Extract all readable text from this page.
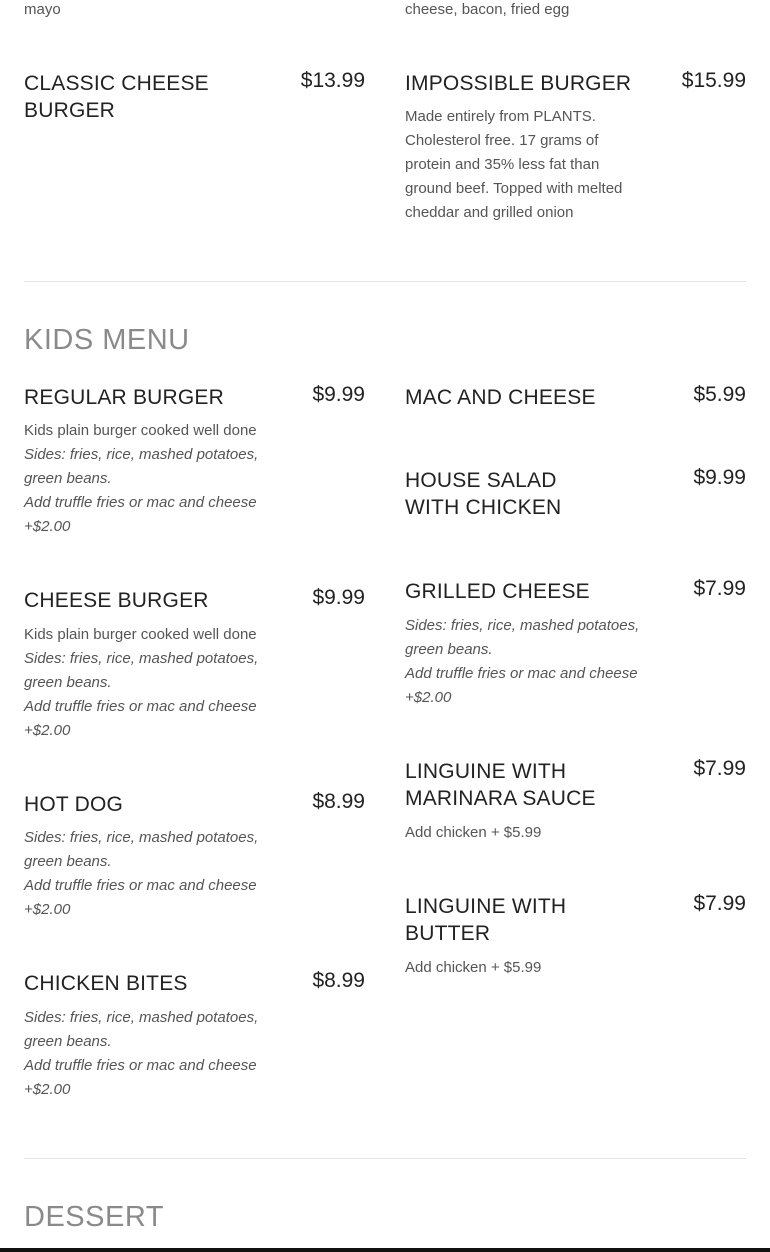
mayo	cheese, bacon, fried egg
CLASSIC CHEESE BURGER
$13.99 IMPOSSIBLE BURGER $15.99
Made entirely from PLANTS. Cholesterol free. 17 grams of protein and 35% less fat than ground beef. Topped with melted cheddar and grilled onion
KIDS MENU
REGULAR BURGER	$9.99
Kids plain burger cooked well done
Sides: fries, rice, mashed potatoes, green beans.
Add truffle fries or mac and cheese +$2.00
CHEESE BURGER	$9.99
Kids plain burger cooked well done
Sides: fries, rice, mashed potatoes, green beans.
Add truffle fries or mac and cheese +$2.00
HOT DOG	$8.99
Sides: fries, rice, mashed potatoes, green beans.
Add truffle fries or mac and cheese +$2.00
CHICKEN BITES	$8.99
Sides: fries, rice, mashed potatoes, green beans.
Add truffle fries or mac and cheese +$2.00
MAC AND CHEESE	$5.99
HOUSE SALAD WITH CHICKEN
$9.99
GRILLED CHEESE	$7.99
Sides: fries, rice, mashed potatoes, green beans.
Add truffle fries or mac and cheese +$2.00
LINGUINE WITH MARINARA SAUCE
$7.99
Add chicken + $5.99
LINGUINE WITH BUTTER
$7.99
Add chicken + $5.99
DESSERT
